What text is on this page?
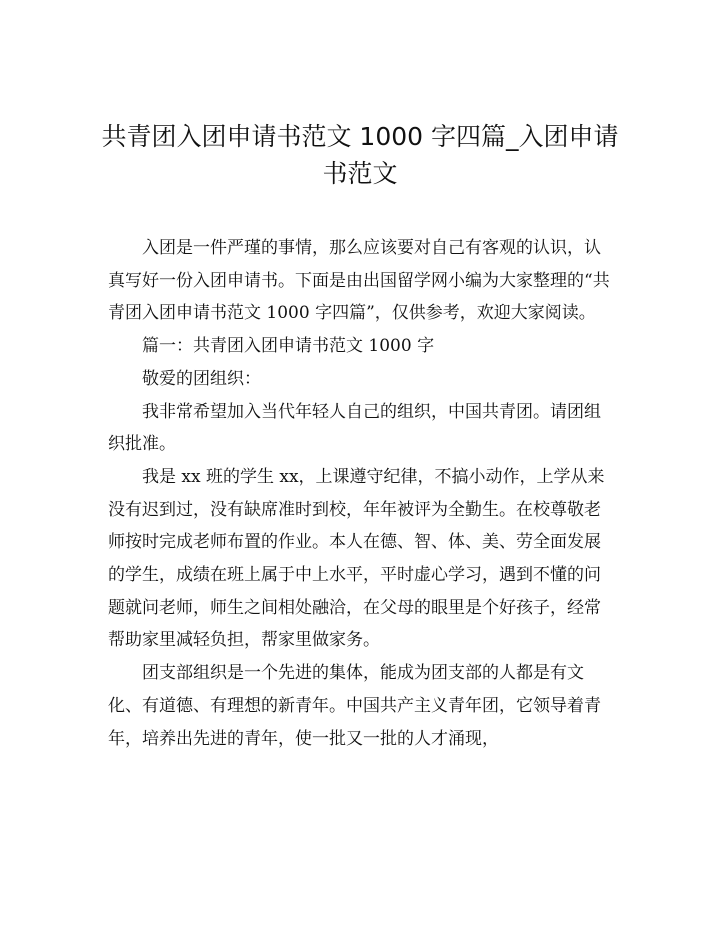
共青团入团申请书范文 1000 字四篇_入团申请书范文

入团是一件严瑾的事情，那么应该要对自己有客观的认识，认真写好一份入团申请书。下面是由出国留学网小编为大家整理的“共青团入团申请书范文 1000 字四篇”，仅供参考，欢迎大家阅读。

篇一：共青团入团申请书范文 1000 字

敬爱的团组织：

我非常希望加入当代年轻人自己的组织，中国共青团。请团组织批准。

我是 xx 班的学生 xx，上课遵守纪律，不搞小动作，上学从来没有迟到过，没有缺席准时到校，年年被评为全勤生。在校尊敬老师按时完成老师布置的作业。本人在德、智、体、美、劳全面发展的学生，成绩在班上属于中上水平，平时虚心学习，遇到不懂的问题就问老师，师生之间相处融洽，在父母的眼里是个好孩子，经常帮助家里减轻负担，帮家里做家务。

团支部组织是一个先进的集体，能成为团支部的人都是有文化、有道德、有理想的新青年。中国共产主义青年团，它领导着青年，培养出先进的青年，使一批又一批的人才涌现，
